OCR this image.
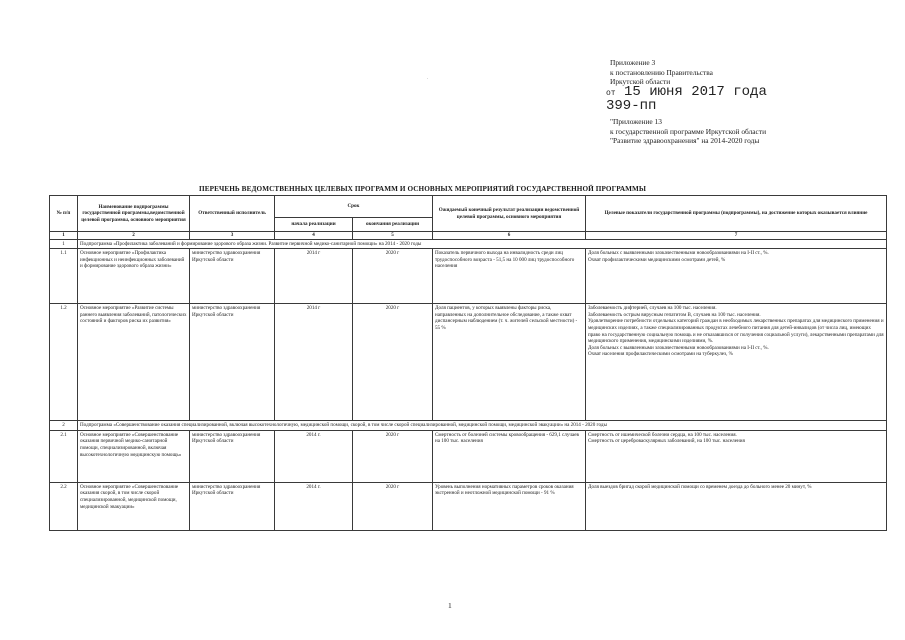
.
Приложение 3
к постановлению Правительства
Иркутской области
от 15 июня 2017 года
399-пп
"Приложение 13
к государственной программе Иркутской области
"Развитие здравоохранения" на 2014-2020 годы
ПЕРЕЧЕНЬ ВЕДОМСТВЕННЫХ ЦЕЛЕВЫХ ПРОГРАММ И ОСНОВНЫХ МЕРОПРИЯТИЙ ГОСУДАРСТВЕННОЙ ПРОГРАММЫ
№ п/п	Наименование подпрограммы государственной программы,ведомственной целевой программы, основного мероприятия	Ответственный исполнитель	Срок		Ожидаемый конечный результат реализации ведомственной целевой программы, основного мероприятия	Целевые показатели государственной программы (подпрограммы), на достижение которых оказывается влияние
			начала реализации	окончания реализации		
1	2	3	4	5	6	7
1	Подпрограмма «Профилактика заболеваний и формирование здорового образа жизни. Развитие первичной медико-санитарной помощи» на 2014 - 2020 годы					
1.1	Основное мероприятие «Профилактика инфекционных и неинфекционных заболеваний и формирование здорового образа жизни»	министерство здравоохранения Иркутской области	2014 г	2020 г	Показатель первичного выхода на инвалидность среди лиц трудоспособного возраста - 51,5 на 10 000 лиц трудоспособного населения	Доля больных с выявленными злокачественными новообразованиями на I-II ст., %.
Охват профилактическими медицинскими осмотрами детей, %

1.2	Основное мероприятие «Развитие системы раннего выявления заболеваний, патологических состояний и факторов риска их развития»	министерство здравоохранения Иркутской области	2014 г	2020 г	Доля пациентов, у которых выявлены факторы риска, направленных на дополнительное обследование, а также охват диспансерным наблюдением (т. ч. жителей сельской местности) - 55 %	Заболеваемость дифтерией, случаев на 100 тыс. населения.
Заболеваемость острым вирусным гепатитом В, случаев на 100 тыс. населения.
Удовлетворение потребности отдельных категорий граждан в необходимых лекарственных препаратах для медицинского применения и медицинских изделиях, а также специализированных продуктах лечебного питания для детей-инвалидов (от числа лиц, имеющих право на государственную социальную помощь и не отказавшихся от получения социальной услуги), лекарственными препаратами для медицинского применения, медицинскими изделиями, %.
Доля больных с выявленными злокачественными новообразованиями на I-II ст., %.
Охват населения профилактическими осмотрами на туберкулез, %

2	Подпрограмма «Совершенствование оказания специализированной, включая высокотехнологичную, медицинской помощи, скорой, в том числе скорой специализированной, медицинской помощи, медицинской эвакуации» на 2014 - 2020 годы					
2.1	Основное мероприятие «Совершенствование оказания первичной медико-санитарной помощи, специализированной, включая высокотехнологичную медицинскую помощь»	министерство здравоохранения Иркутской области	2014 г.	2020 г	Смертность от болезней системы кровообращения - 629,1 случаев на 100 тыс. населения	Смертность от ишемической болезни сердца, на 100 тыс. населения.
Смертность от цереброваскулярных заболеваний, на 100 тыс. населения

2.2	Основное мероприятие «Совершенствование оказания скорой, в том числе скорой специализированной, медицинской помощи, медицинской эвакуации»	министерство здравоохранения Иркутской области	2014 г.	2020 г	Уровень выполнения нормативных параметров сроков оказания экстренной и неотложной медицинской помощи - 91 %	Доля выездов бригад скорой медицинской помощи со временем доезда до больного менее 20 минут, %
1
